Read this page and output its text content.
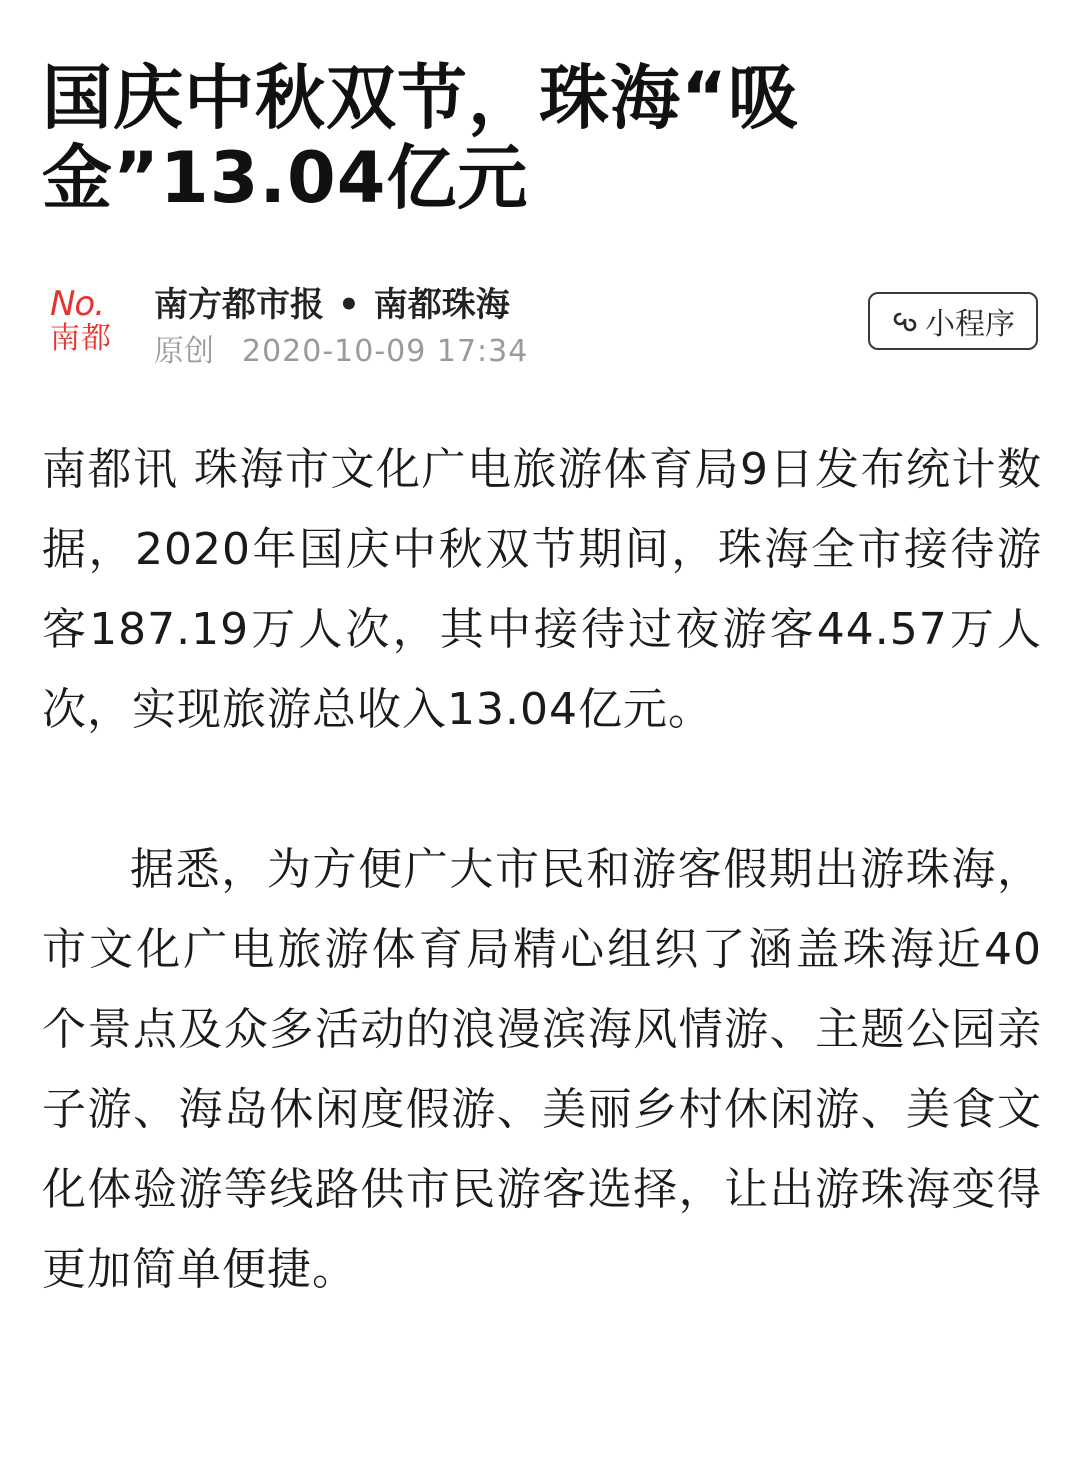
国庆中秋双节，珠海“吸金”13.04亿元
No.
南都
南方都市报 • 南都珠海
原创 2020-10-09 17:34
小程序

南都讯 珠海市文化广电旅游体育局9日发布统计数据，2020年国庆中秋双节期间，珠海全市接待游客187.19万人次，其中接待过夜游客44.57万人次，实现旅游总收入13.04亿元。

据悉，为方便广大市民和游客假期出游珠海，市文化广电旅游体育局精心组织了涵盖珠海近40个景点及众多活动的浪漫滨海风情游、主题公园亲子游、海岛休闲度假游、美丽乡村休闲游、美食文化体验游等线路供市民游客选择，让出游珠海变得更加简单便捷。
